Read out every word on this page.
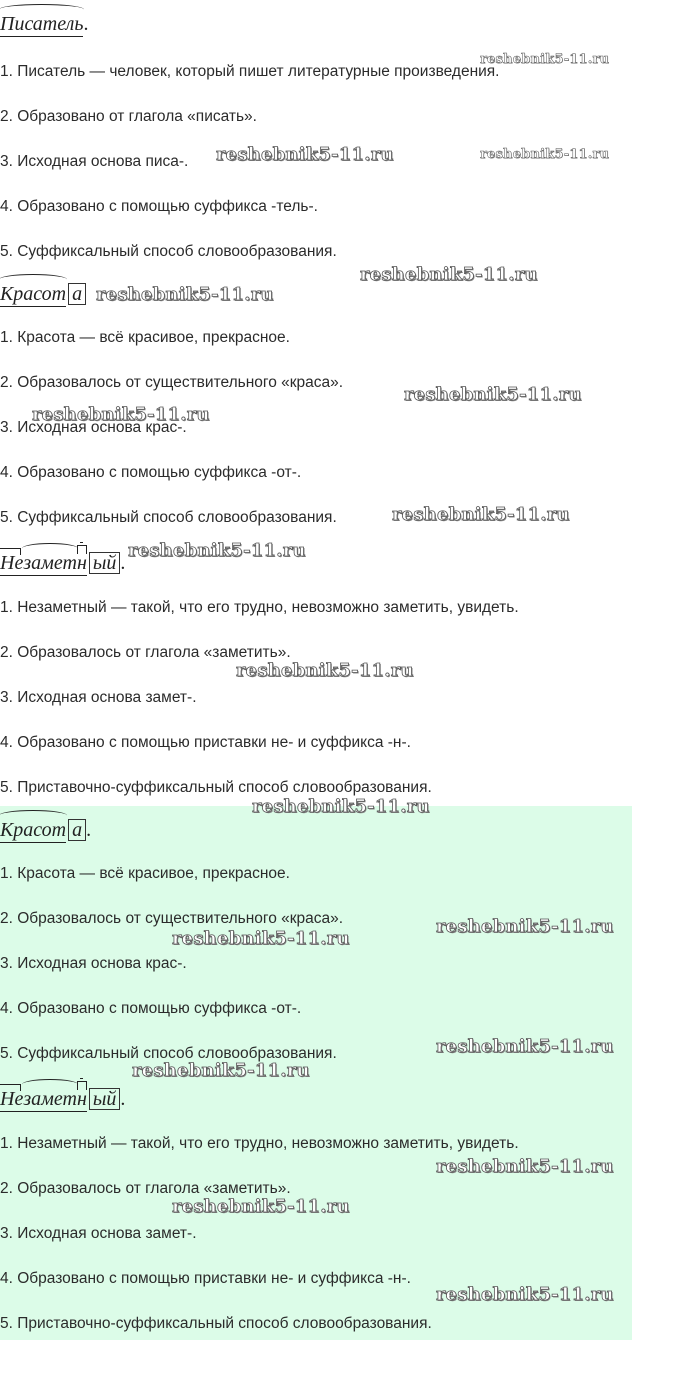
Писатель.
1. Писатель — человек, который пишет литературные произведения.
2. Образовано от глагола «писать».
3. Исходная основа писа-.
4. Образовано с помощью суффикса -тель-.
5. Суффиксальный способ словообразования.
Красот а
1. Красота — всё красивое, прекрасное.
2. Образовалось от существительного «краса».
3. Исходная основа крас-.
4. Образовано с помощью суффикса -от-.
5. Суффиксальный способ словообразования.
Не
замет
н ый .
1. Незаметный — такой, что его трудно, невозможно заметить, увидеть.
2. Образовалось от глагола «заметить».
3. Исходная основа замет-.
4. Образовано с помощью приставки не- и суффикса -н-.
5. Приставочно-суффиксальный способ словообразования.
Красот а .
1. Красота — всё красивое, прекрасное.
2. Образовалось от существительного «краса».
3. Исходная основа крас-.
4. Образовано с помощью суффикса -от-.
5. Суффиксальный способ словообразования.
Не
замет
н ый .
1. Незаметный — такой, что его трудно, невозможно заметить, увидеть.
2. Образовалось от глагола «заметить».
3. Исходная основа замет-.
4. Образовано с помощью приставки не- и суффикса -н-.
5. Приставочно-суффиксальный способ словообразования.
reshebnik5-11.ru
reshebnik5-11.ru	reshebnik5-11.ru
reshebnik5-11.ru
reshebnik5-11.ru
reshebnik5-11.ru
reshebnik5-11.ru
reshebnik5-11.ru
reshebnik5-11.ru
reshebnik5-11.ru
reshebnik5-11.ru
reshebnik5-11.ru
reshebnik5-11.ru
reshebnik5-11.ru
reshebnik5-11.ru
reshebnik5-11.ru
reshebnik5-11.ru
reshebnik5-11.ru
